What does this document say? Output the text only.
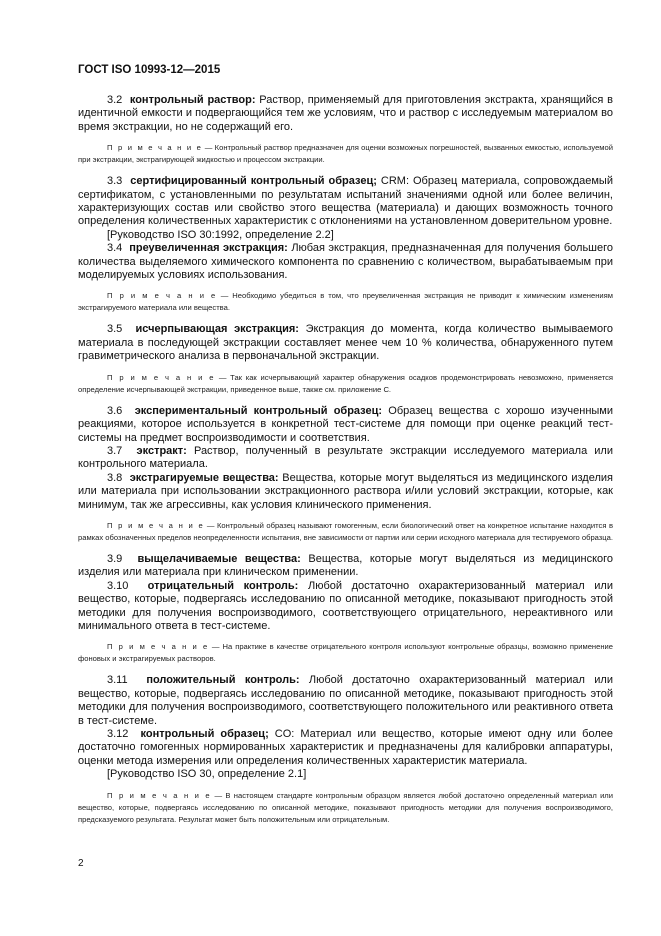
ГОСТ ISO 10993-12—2015

3.2 контрольный раствор: Раствор, применяемый для приготовления экстракта, хранящийся в идентичной емкости и подвергающийся тем же условиям, что и раствор с исследуемым материалом во время экстракции, но не содержащий его.

П р и м е ч а н и е — Контрольный раствор предназначен для оценки возможных погрешностей, вызванных емкостью, используемой при экстракции, экстрагирующей жидкостью и процессом экстракции.

3.3 сертифицированный контрольный образец; CRM: Образец материала, сопровождаемый сертификатом, с установленными по результатам испытаний значениями одной или более величин, характеризующих состав или свойство этого вещества (материала) и дающих возможность точного определения количественных характеристик с отклонениями на установленном доверительном уровне.

[Руководство ISO 30:1992, определение 2.2]

3.4 преувеличенная экстракция: Любая экстракция, предназначенная для получения большего количества выделяемого химического компонента по сравнению с количеством, вырабатываемым при моделируемых условиях использования.

П р и м е ч а н и е — Необходимо убедиться в том, что преувеличенная экстракция не приводит к химическим изменениям экстрагируемого материала или вещества.

3.5 исчерпывающая экстракция: Экстракция до момента, когда количество вымываемого материала в последующей экстракции составляет менее чем 10 % количества, обнаруженного путем гравиметрического анализа в первоначальной экстракции.

П р и м е ч а н и е — Так как исчерпывающий характер обнаружения осадков продемонстрировать невозможно, применяется определение исчерпывающей экстракции, приведенное выше, также см. приложение С.

3.6 экспериментальный контрольный образец: Образец вещества с хорошо изученными реакциями, которое используется в конкретной тест-системе для помощи при оценке реакций тест-системы на предмет воспроизводимости и соответствия.

3.7 экстракт: Раствор, полученный в результате экстракции исследуемого материала или контрольного материала.

3.8 экстрагируемые вещества: Вещества, которые могут выделяться из медицинского изделия или материала при использовании экстракционного раствора и/или условий экстракции, которые, как минимум, так же агрессивны, как условия клинического применения.

П р и м е ч а н и е — Контрольный образец называют гомогенным, если биологический ответ на конкретное испытание находится в рамках обозначенных пределов неопределенности испытания, вне зависимости от партии или серии исходного материала для тестируемого образца.

3.9 выщелачиваемые вещества: Вещества, которые могут выделяться из медицинского изделия или материала при клиническом применении.

3.10 отрицательный контроль: Любой достаточно охарактеризованный материал или вещество, которые, подвергаясь исследованию по описанной методике, показывают пригодность этой методики для получения воспроизводимого, соответствующего отрицательного, нереактивного или минимального ответа в тест-системе.

П р и м е ч а н и е — На практике в качестве отрицательного контроля используют контрольные образцы, возможно применение фоновых и экстрагируемых растворов.

3.11 положительный контроль: Любой достаточно охарактеризованный материал или вещество, которые, подвергаясь исследованию по описанной методике, показывают пригодность этой методики для получения воспроизводимого, соответствующего положительного или реактивного ответа в тест-системе.

3.12 контрольный образец; CO: Материал или вещество, которые имеют одну или более достаточно гомогенных нормированных характеристик и предназначены для калибровки аппаратуры, оценки метода измерения или определения количественных характеристик материала.

[Руководство ISO 30, определение 2.1]

П р и м е ч а н и е — В настоящем стандарте контрольным образцом является любой достаточно определенный материал или вещество, которые, подвергаясь исследованию по описанной методике, показывают пригодность методики для получения воспроизводимого, предсказуемого результата. Результат может быть положительным или отрицательным.

2
